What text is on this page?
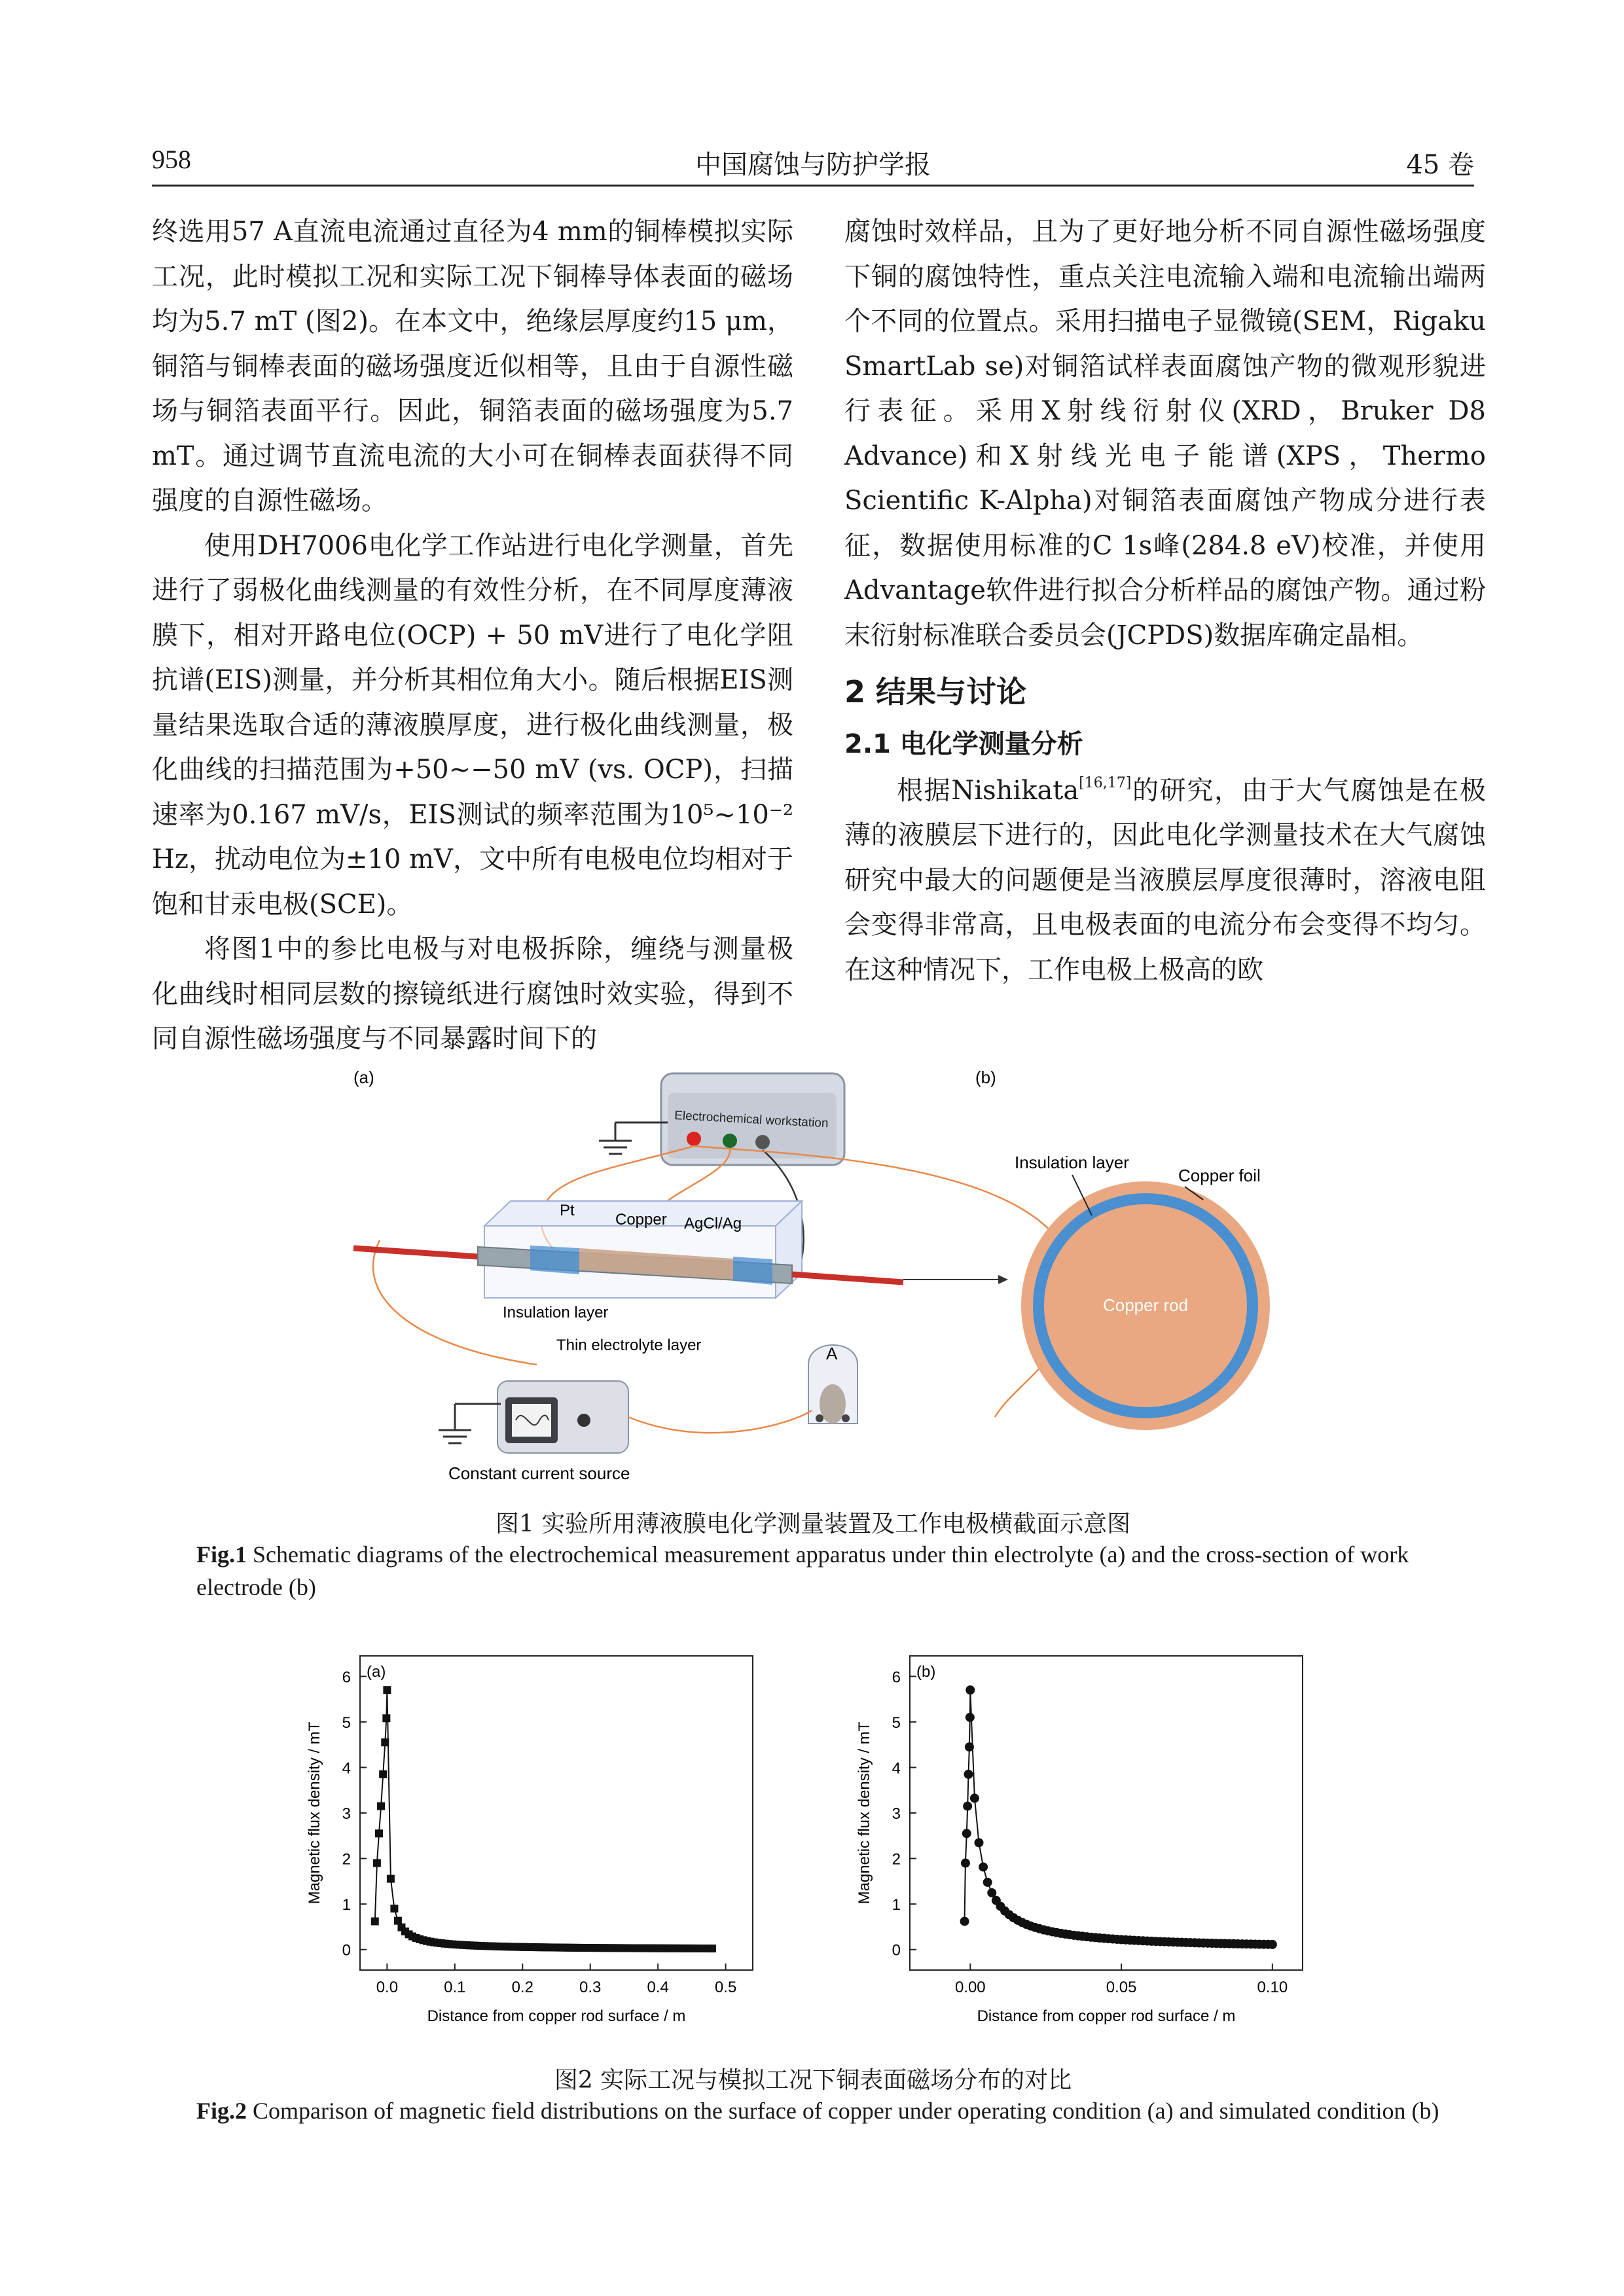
958	中国腐蚀与防护学报	45 卷

终选用57 A直流电流通过直径为4 mm的铜棒模拟实际工况，此时模拟工况和实际工况下铜棒导体表面的磁场均为5.7 mT (图2)。在本文中，绝缘层厚度约15 μm，铜箔与铜棒表面的磁场强度近似相等，且由于自源性磁场与铜箔表面平行。因此，铜箔表面的磁场强度为5.7 mT。通过调节直流电流的大小可在铜棒表面获得不同强度的自源性磁场。

使用DH7006电化学工作站进行电化学测量，首先进行了弱极化曲线测量的有效性分析，在不同厚度薄液膜下，相对开路电位(OCP) + 50 mV进行了电化学阻抗谱(EIS)测量，并分析其相位角大小。随后根据EIS测量结果选取合适的薄液膜厚度，进行极化曲线测量，极化曲线的扫描范围为+50~−50 mV (vs. OCP)，扫描速率为0.167 mV/s，EIS测试的频率范围为10⁵~10⁻² Hz，扰动电位为±10 mV，文中所有电极电位均相对于饱和甘汞电极(SCE)。

将图1中的参比电极与对电极拆除，缠绕与测量极化曲线时相同层数的擦镜纸进行腐蚀时效实验，得到不同自源性磁场强度与不同暴露时间下的

腐蚀时效样品，且为了更好地分析不同自源性磁场强度下铜的腐蚀特性，重点关注电流输入端和电流输出端两个不同的位置点。采用扫描电子显微镜(SEM，Rigaku SmartLab se)对铜箔试样表面腐蚀产物的微观形貌进行表征。采用X射线衍射仪(XRD，Bruker D8 Advance)和X射线光电子能谱(XPS，Thermo Scientific K-Alpha)对铜箔表面腐蚀产物成分进行表征，数据使用标准的C 1s峰(284.8 eV)校准，并使用Advantage软件进行拟合分析样品的腐蚀产物。通过粉末衍射标准联合委员会(JCPDS)数据库确定晶相。

2 结果与讨论
2.1 电化学测量分析

根据Nishikata[16,17]的研究，由于大气腐蚀是在极薄的液膜层下进行的，因此电化学测量技术在大气腐蚀研究中最大的问题便是当液膜层厚度很薄时，溶液电阻会变得非常高，且电极表面的电流分布会变得不均匀。在这种情况下，工作电极上极高的欧

(a)
Electrochemical workstation
Pt
Copper AgCl/Ag
Insulation layer
Thin electrolyte layer	A
Constant current source
(b)
Insulation layer
Copper foil
Copper rod
图1 实验所用薄液膜电化学测量装置及工作电极横截面示意图
Fig.1 Schematic diagrams of the electrochemical measurement apparatus under thin electrolyte (a) and the cross-section of work electrode (b)
0
1
2
3
4
5
6
0.0	0.1	0.2	0.3	0.4	0.5
(a)
Distance from copper rod surface / m
Magnetic flux density / mT
0
1
2
3
4
5
6
0.00	0.05	0.10
(b)
Distance from copper rod surface / m
Magnetic flux density / mT
图2 实际工况与模拟工况下铜表面磁场分布的对比
Fig.2 Comparison of magnetic field distributions on the surface of copper under operating condition (a) and simulated condition (b)
